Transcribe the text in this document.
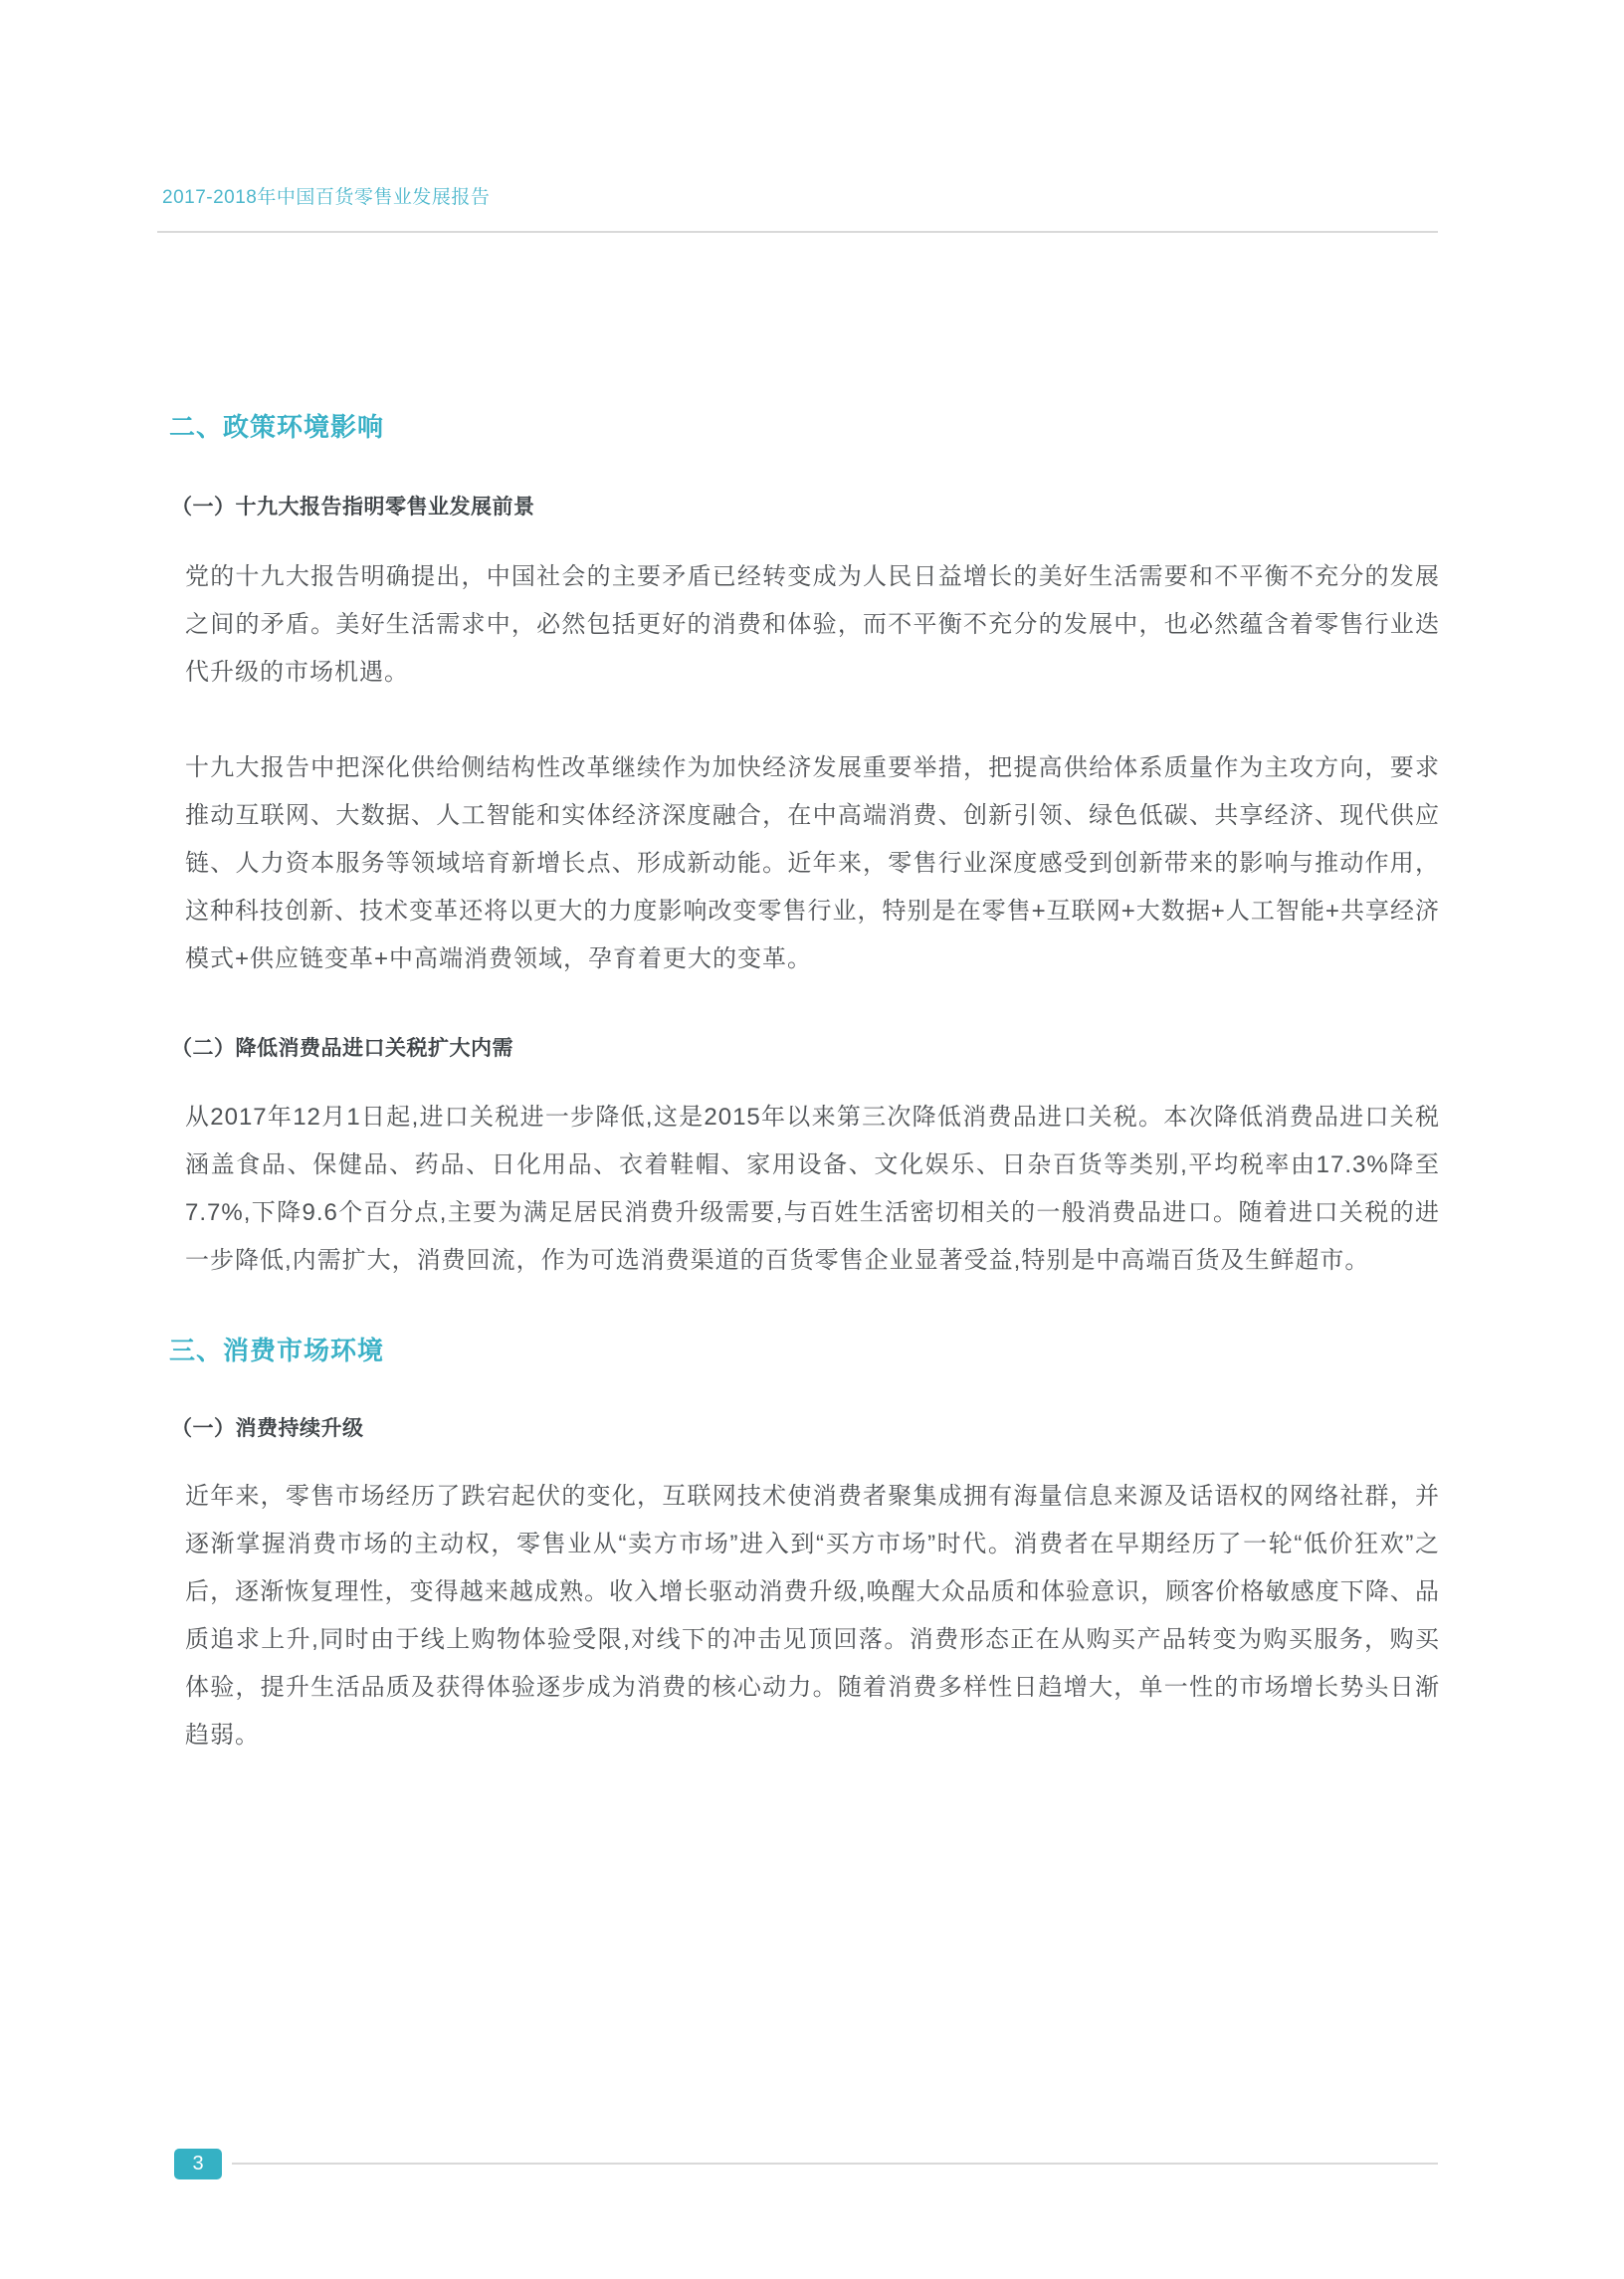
2017-2018年中国百货零售业发展报告
二、政策环境影响
（一）十九大报告指明零售业发展前景

党的十九大报告明确提出，中国社会的主要矛盾已经转变成为人民日益增长的美好生活需要和不平衡不充分的发展之间的矛盾。美好生活需求中，必然包括更好的消费和体验，而不平衡不充分的发展中，也必然蕴含着零售行业迭代升级的市场机遇。

十九大报告中把深化供给侧结构性改革继续作为加快经济发展重要举措，把提高供给体系质量作为主攻方向，要求推动互联网、大数据、人工智能和实体经济深度融合，在中高端消费、创新引领、绿色低碳、共享经济、现代供应链、人力资本服务等领域培育新增长点、形成新动能。近年来，零售行业深度感受到创新带来的影响与推动作用，这种科技创新、技术变革还将以更大的力度影响改变零售行业，特别是在零售+互联网+大数据+人工智能+共享经济模式+供应链变革+中高端消费领域，孕育着更大的变革。

（二）降低消费品进口关税扩大内需

从2017年12月1日起,进口关税进一步降低,这是2015年以来第三次降低消费品进口关税。本次降低消费品进口关税涵盖食品、保健品、药品、日化用品、衣着鞋帽、家用设备、文化娱乐、日杂百货等类别,平均税率由17.3%降至7.7%,下降9.6个百分点,主要为满足居民消费升级需要,与百姓生活密切相关的一般消费品进口。随着进口关税的进一步降低,内需扩大，消费回流，作为可选消费渠道的百货零售企业显著受益,特别是中高端百货及生鲜超市。

三、消费市场环境
（一）消费持续升级

近年来，零售市场经历了跌宕起伏的变化，互联网技术使消费者聚集成拥有海量信息来源及话语权的网络社群，并逐渐掌握消费市场的主动权，零售业从“卖方市场”进入到“买方市场”时代。消费者在早期经历了一轮“低价狂欢”之后，逐渐恢复理性，变得越来越成熟。收入增长驱动消费升级,唤醒大众品质和体验意识，顾客价格敏感度下降、品质追求上升,同时由于线上购物体验受限,对线下的冲击见顶回落。消费形态正在从购买产品转变为购买服务，购买体验，提升生活品质及获得体验逐步成为消费的核心动力。随着消费多样性日趋增大，单一性的市场增长势头日渐趋弱。

3
